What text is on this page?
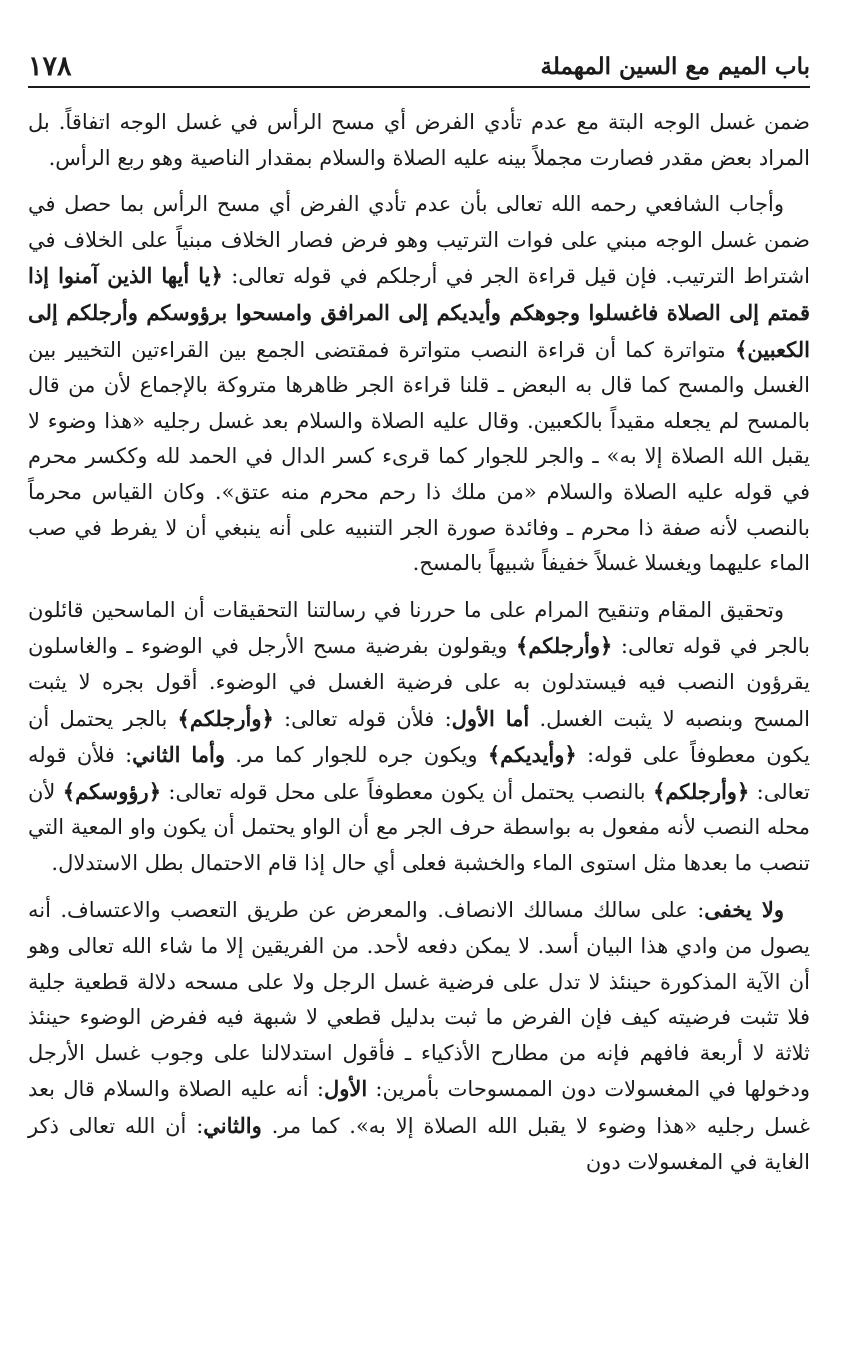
باب الميم مع السين المهملة
١٧٨

ضمن غسل الوجه البتة مع عدم تأدي الفرض أي مسح الرأس في غسل الوجه اتفاقاً. بل المراد بعض مقدر فصارت مجملاً بينه عليه الصلاة والسلام بمقدار الناصية وهو ربع الرأس.

وأجاب الشافعي رحمه الله تعالى بأن عدم تأدي الفرض أي مسح الرأس بما حصل في ضمن غسل الوجه مبني على فوات الترتيب وهو فرض فصار الخلاف مبنياً على الخلاف في اشتراط الترتيب. فإن قيل قراءة الجر في أرجلكم في قوله تعالى: ﴿يا أيها الذين آمنوا إذا قمتم إلى الصلاة فاغسلوا وجوهكم وأيديكم إلى المرافق وامسحوا برؤوسكم وأرجلكم إلى الكعبين﴾ متواترة كما أن قراءة النصب متواترة فمقتضى الجمع بين القراءتين التخيير بين الغسل والمسح كما قال به البعض ـ قلنا قراءة الجر ظاهرها متروكة بالإجماع لأن من قال بالمسح لم يجعله مقيداً بالكعبين. وقال عليه الصلاة والسلام بعد غسل رجليه «هذا وضوء لا يقبل الله الصلاة إلا به» ـ والجر للجوار كما قرىء كسر الدال في الحمد لله وككسر محرم في قوله عليه الصلاة والسلام «من ملك ذا رحم محرم منه عتق». وكان القياس محرماً بالنصب لأنه صفة ذا محرم ـ وفائدة صورة الجر التنبيه على أنه ينبغي أن لا يفرط في صب الماء عليهما ويغسلا غسلاً خفيفاً شبيهاً بالمسح.

وتحقيق المقام وتنقيح المرام على ما حررنا في رسالتنا التحقيقات أن الماسحين قائلون بالجر في قوله تعالى: ﴿وأرجلكم﴾ ويقولون بفرضية مسح الأرجل في الوضوء ـ والغاسلون يقرؤون النصب فيه فيستدلون به على فرضية الغسل في الوضوء. أقول بجره لا يثبت المسح وبنصبه لا يثبت الغسل. أما الأول: فلأن قوله تعالى: ﴿وأرجلكم﴾ بالجر يحتمل أن يكون معطوفاً على قوله: ﴿وأيديكم﴾ ويكون جره للجوار كما مر. وأما الثاني: فلأن قوله تعالى: ﴿وأرجلكم﴾ بالنصب يحتمل أن يكون معطوفاً على محل قوله تعالى: ﴿رؤوسكم﴾ لأن محله النصب لأنه مفعول به بواسطة حرف الجر مع أن الواو يحتمل أن يكون واو المعية التي تنصب ما بعدها مثل استوى الماء والخشبة فعلى أي حال إذا قام الاحتمال بطل الاستدلال.

ولا يخفى: على سالك مسالك الانصاف. والمعرض عن طريق التعصب والاعتساف. أنه يصول من وادي هذا البيان أسد. لا يمكن دفعه لأحد. من الفريقين إلا ما شاء الله تعالى وهو أن الآية المذكورة حينئذ لا تدل على فرضية غسل الرجل ولا على مسحه دلالة قطعية جلية فلا تثبت فرضيته كيف فإن الفرض ما ثبت بدليل قطعي لا شبهة فيه ففرض الوضوء حينئذ ثلاثة لا أربعة فافهم فإنه من مطارح الأذكياء ـ فأقول استدلالنا على وجوب غسل الأرجل ودخولها في المغسولات دون الممسوحات بأمرين: الأول: أنه عليه الصلاة والسلام قال بعد غسل رجليه «هذا وضوء لا يقبل الله الصلاة إلا به». كما مر. والثاني: أن الله تعالى ذكر الغاية في المغسولات دون
